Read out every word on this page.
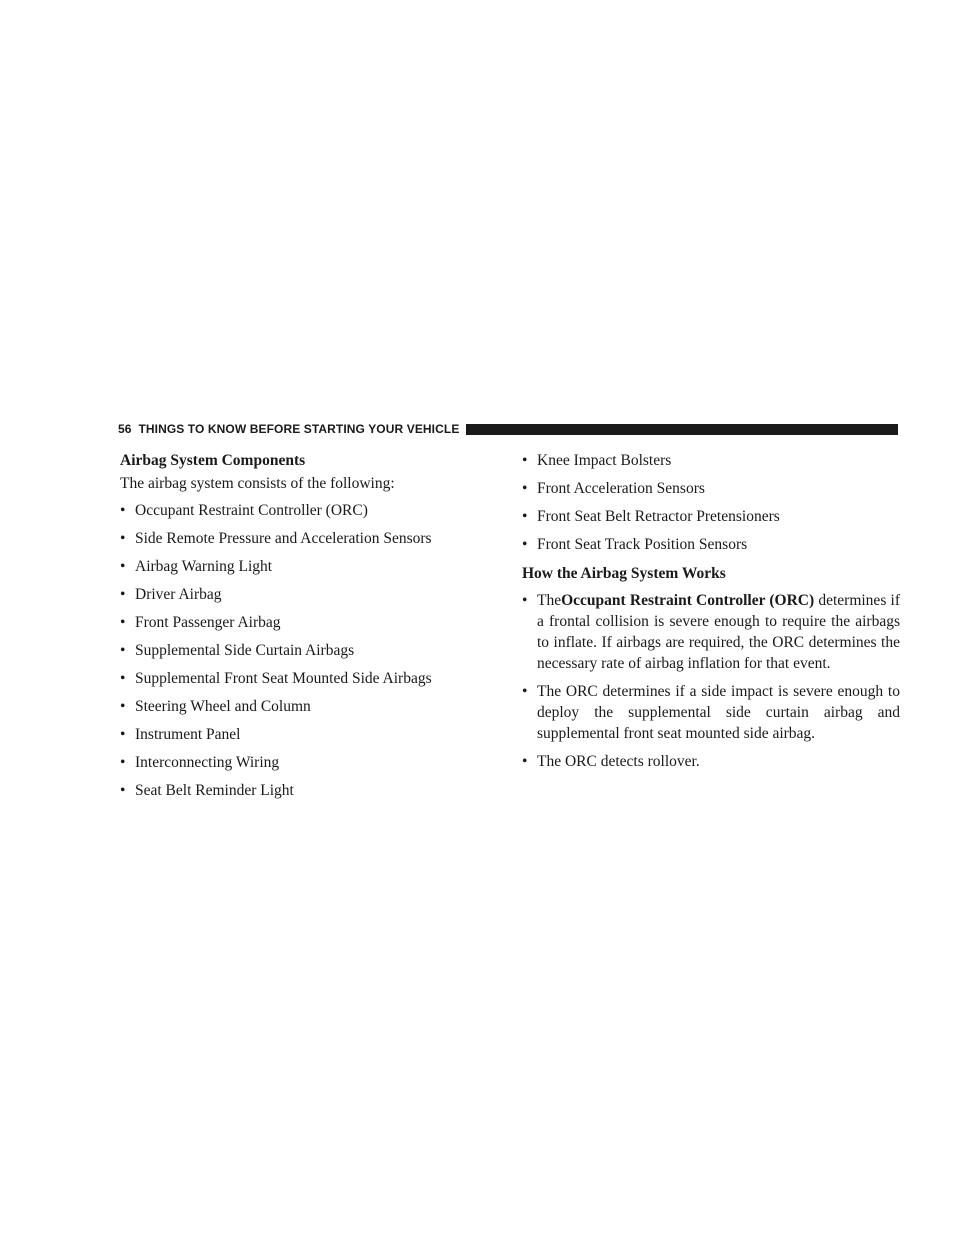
56 THINGS TO KNOW BEFORE STARTING YOUR VEHICLE

Airbag System Components

The airbag system consists of the following:

• Occupant Restraint Controller (ORC)
• Side Remote Pressure and Acceleration Sensors
• Airbag Warning Light
• Driver Airbag
• Front Passenger Airbag
• Supplemental Side Curtain Airbags
• Supplemental Front Seat Mounted Side Airbags
• Steering Wheel and Column
• Instrument Panel
• Interconnecting Wiring
• Seat Belt Reminder Light
• Knee Impact Bolsters
• Front Acceleration Sensors
• Front Seat Belt Retractor Pretensioners
• Front Seat Track Position Sensors

How the Airbag System Works

• TheOccupant Restraint Controller (ORC) determines if a frontal collision is severe enough to require the airbags to inflate. If airbags are required, the ORC determines the necessary rate of airbag inflation for that event.
• The ORC determines if a side impact is severe enough to deploy the supplemental side curtain airbag and supplemental front seat mounted side airbag.
• The ORC detects rollover.
